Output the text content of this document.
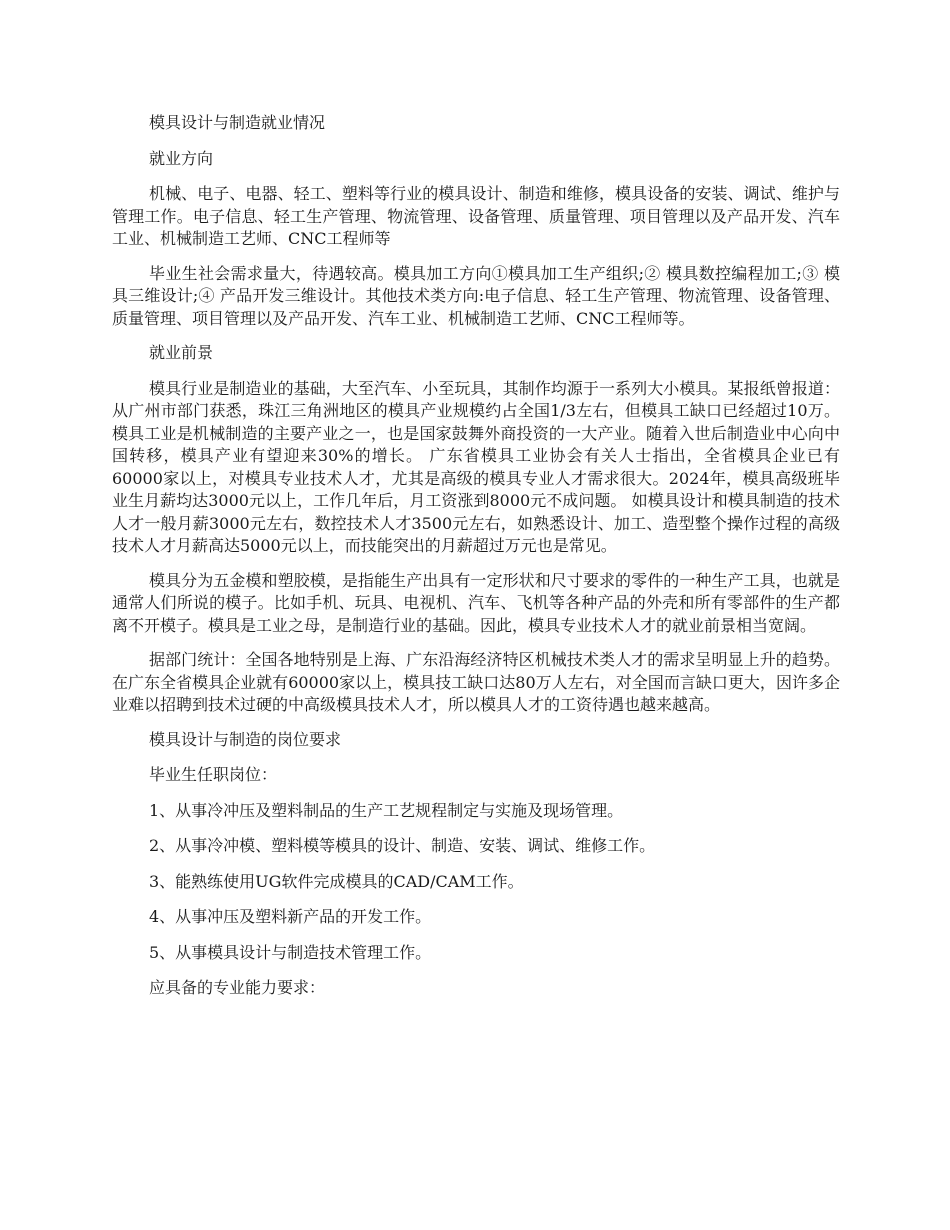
模具设计与制造就业情况

就业方向

机械、电子、电器、轻工、塑料等行业的模具设计、制造和维修，模具设备的安装、调试、维护与管理工作。电子信息、轻工生产管理、物流管理、设备管理、质量管理、项目管理以及产品开发、汽车工业、机械制造工艺师、CNC工程师等

毕业生社会需求量大，待遇较高。模具加工方向①模具加工生产组织;② 模具数控编程加工;③ 模具三维设计;④ 产品开发三维设计。其他技术类方向:电子信息、轻工生产管理、物流管理、设备管理、质量管理、项目管理以及产品开发、汽车工业、机械制造工艺师、CNC工程师等。

就业前景

模具行业是制造业的基础，大至汽车、小至玩具，其制作均源于一系列大小模具。某报纸曾报道：从广州市部门获悉，珠江三角洲地区的模具产业规模约占全国1/3左右，但模具工缺口已经超过10万。模具工业是机械制造的主要产业之一，也是国家鼓舞外商投资的一大产业。随着入世后制造业中心向中国转移，模具产业有望迎来30%的增长。 广东省模具工业协会有关人士指出，全省模具企业已有60000家以上，对模具专业技术人才，尤其是高级的模具专业人才需求很大。2024年，模具高级班毕业生月薪均达3000元以上，工作几年后，月工资涨到8000元不成问题。 如模具设计和模具制造的技术人才一般月薪3000元左右，数控技术人才3500元左右，如熟悉设计、加工、造型整个操作过程的高级技术人才月薪高达5000元以上，而技能突出的月薪超过万元也是常见。

模具分为五金模和塑胶模，是指能生产出具有一定形状和尺寸要求的零件的一种生产工具，也就是通常人们所说的模子。比如手机、玩具、电视机、汽车、飞机等各种产品的外壳和所有零部件的生产都离不开模子。模具是工业之母，是制造行业的基础。因此，模具专业技术人才的就业前景相当宽阔。

据部门统计：全国各地特别是上海、广东沿海经济特区机械技术类人才的需求呈明显上升的趋势。在广东全省模具企业就有60000家以上，模具技工缺口达80万人左右，对全国而言缺口更大，因许多企业难以招聘到技术过硬的中高级模具技术人才，所以模具人才的工资待遇也越来越高。

模具设计与制造的岗位要求

毕业生任职岗位：

1、从事冷冲压及塑料制品的生产工艺规程制定与实施及现场管理。

2、从事冷冲模、塑料模等模具的设计、制造、安装、调试、维修工作。

3、能熟练使用UG软件完成模具的CAD/CAM工作。

4、从事冲压及塑料新产品的开发工作。

5、从事模具设计与制造技术管理工作。

应具备的专业能力要求：
